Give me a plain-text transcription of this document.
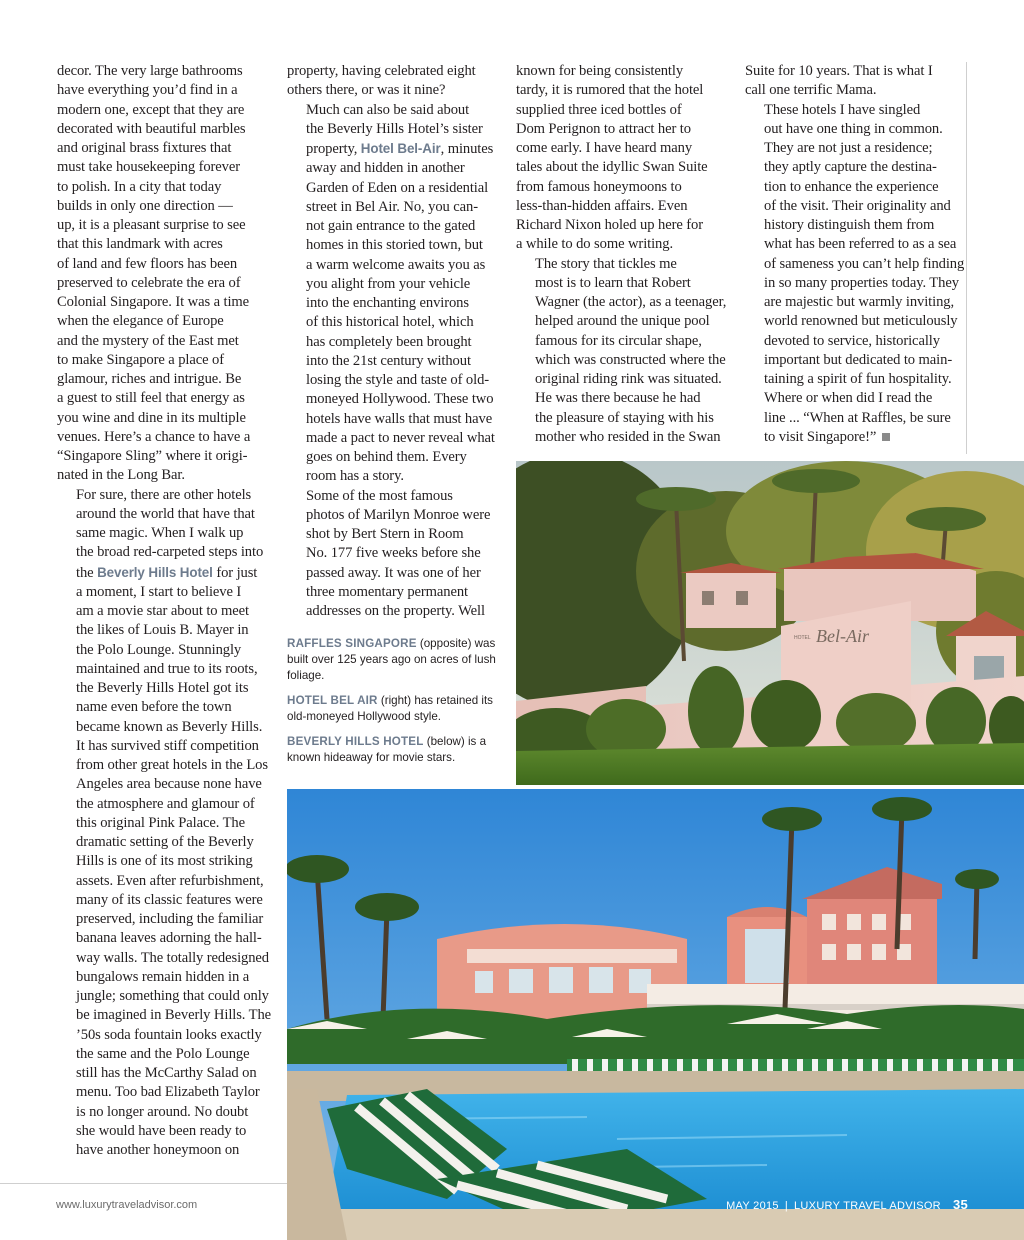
decor. The very large bathrooms
have everything you’d find in a
modern one, except that they are
decorated with beautiful marbles
and original brass fixtures that
must take housekeeping forever
to polish. In a city that today
builds in only one direction —
up, it is a pleasant surprise to see
that this landmark with acres
of land and few floors has been
preserved to celebrate the era of
Colonial Singapore. It was a time
when the elegance of Europe
and the mystery of the East met
to make Singapore a place of
glamour, riches and intrigue. Be
a guest to still feel that energy as
you wine and dine in its multiple
venues. Here’s a chance to have a
“Singapore Sling” where it origi-
nated in the Long Bar.

For sure, there are other hotels
around the world that have that
same magic. When I walk up
the broad red-carpeted steps into
the Beverly Hills Hotel for just
a moment, I start to believe I
am a movie star about to meet
the likes of Louis B. Mayer in
the Polo Lounge. Stunningly
maintained and true to its roots,
the Beverly Hills Hotel got its
name even before the town
became known as Beverly Hills.
It has survived stiff competition
from other great hotels in the Los
Angeles area because none have
the atmosphere and glamour of
this original Pink Palace. The
dramatic setting of the Beverly
Hills is one of its most striking
assets. Even after refurbishment,
many of its classic features were
preserved, including the familiar
banana leaves adorning the hall-
way walls. The totally redesigned
bungalows remain hidden in a
jungle; something that could only
be imagined in Beverly Hills. The
’50s soda fountain looks exactly
the same and the Polo Lounge
still has the McCarthy Salad on
menu. Too bad Elizabeth Taylor
is no longer around. No doubt
she would have been ready to
have another honeymoon on

property, having celebrated eight
others there, or was it nine?

Much can also be said about
the Beverly Hills Hotel’s sister
property, Hotel Bel-Air, minutes
away and hidden in another
Garden of Eden on a residential
street in Bel Air. No, you can-
not gain entrance to the gated
homes in this storied town, but
a warm welcome awaits you as
you alight from your vehicle
into the enchanting environs
of this historical hotel, which
has completely been brought
into the 21st century without
losing the style and taste of old-
moneyed Hollywood. These two
hotels have walls that must have
made a pact to never reveal what
goes on behind them. Every
room has a story.

Some of the most famous
photos of Marilyn Monroe were
shot by Bert Stern in Room
No. 177 five weeks before she
passed away. It was one of her
three momentary permanent
addresses on the property. Well

known for being consistently
tardy, it is rumored that the hotel
supplied three iced bottles of
Dom Perignon to attract her to
come early. I have heard many
tales about the idyllic Swan Suite
from famous honeymoons to
less-than-hidden affairs. Even
Richard Nixon holed up here for
a while to do some writing.

The story that tickles me
most is to learn that Robert
Wagner (the actor), as a teenager,
helped around the unique pool
famous for its circular shape,
which was constructed where the
original riding rink was situated.
He was there because he had
the pleasure of staying with his
mother who resided in the Swan

Suite for 10 years. That is what I
call one terrific Mama.

These hotels I have singled
out have one thing in common.
They are not just a residence;
they aptly capture the destina-
tion to enhance the experience
of the visit. Their originality and
history distinguish them from
what has been referred to as a sea
of sameness you can’t help finding
in so many properties today. They
are majestic but warmly inviting,
world renowned but meticulously
devoted to service, historically
important but dedicated to main-
taining a spirit of fun hospitality.

Where or when did I read the
line ... “When at Raffles, be sure
to visit Singapore!”

RAFFLES SINGAPORE (opposite) was built over 125 years ago on acres of lush foliage.

HOTEL BEL AIR (right) has retained its old-moneyed Hollywood style.

BEVERLY HILLS HOTEL (below) is a known hideaway for movie stars.

Bel-Air
HOTEL
www.luxurytraveladvisor.com	MAY 2015 | LUXURY TRAVEL ADVISOR 35
